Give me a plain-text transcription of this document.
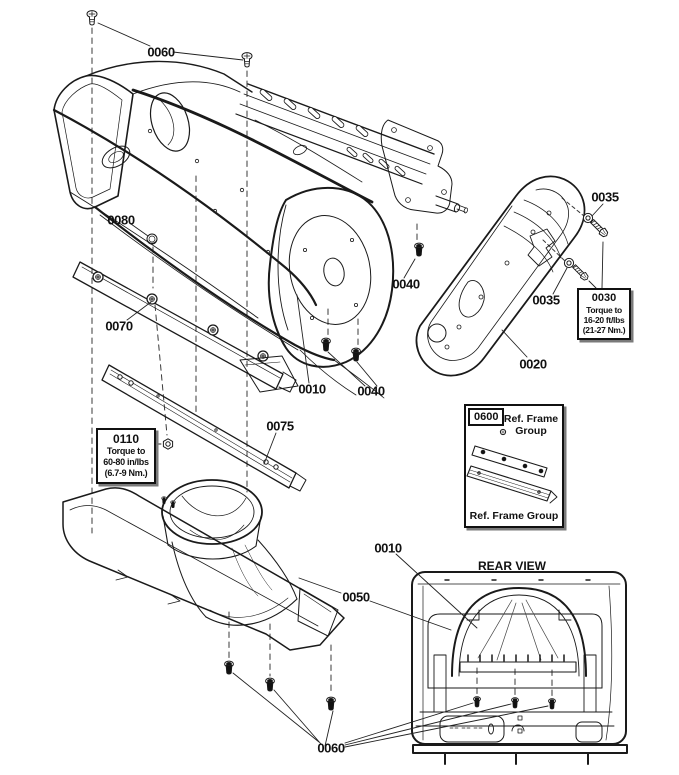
0060
0080
0070
0075
0010 0040
0040
0035
0035
0020
0010
0050
0060
REAR VIEW
0110
Torque to
60-80 in/lbs
(6.7-9 Nm.)
0030
Torque to
16-20 ft/lbs
(21-27 Nm.)
0600 Ref. Frame Group
Ref. Frame Group
